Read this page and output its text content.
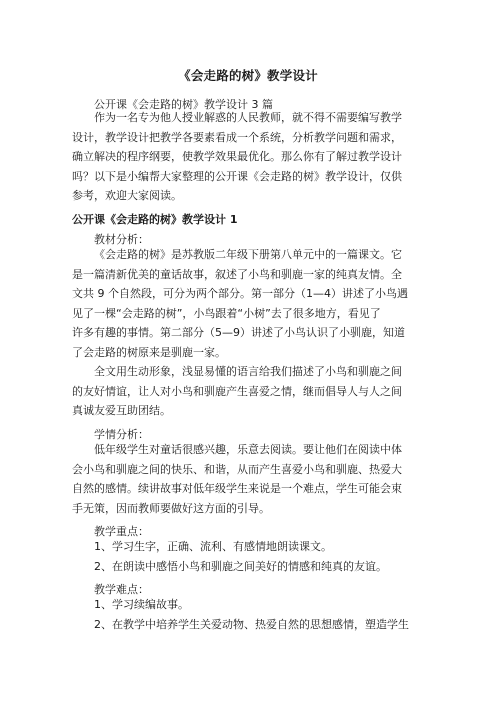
《会走路的树》教学设计
公开课《会走路的树》教学设计 3 篇
作为一名专为他人授业解惑的人民教师，就不得不需要编写教学
设计，教学设计把教学各要素看成一个系统，分析教学问题和需求，
确立解决的程序纲要，使教学效果最优化。那么你有了解过教学设计
吗？以下是小编帮大家整理的公开课《会走路的树》教学设计，仅供
参考，欢迎大家阅读。
公开课《会走路的树》教学设计 1
教材分析：
《会走路的树》是苏教版二年级下册第八单元中的一篇课文。它
是一篇清新优美的童话故事，叙述了小鸟和驯鹿一家的纯真友情。全
文共 9 个自然段，可分为两个部分。第一部分（1—4）讲述了小鸟遇
见了一棵“会走路的树”，小鸟跟着“小树”去了很多地方，看见了
许多有趣的事情。第二部分（5—9）讲述了小鸟认识了小驯鹿，知道
了会走路的树原来是驯鹿一家。
全文用生动形象，浅显易懂的语言给我们描述了小鸟和驯鹿之间
的友好情谊，让人对小鸟和驯鹿产生喜爱之情，继而倡导人与人之间
真诚友爱互助团结。
学情分析：
低年级学生对童话很感兴趣，乐意去阅读。要让他们在阅读中体
会小鸟和驯鹿之间的快乐、和谐，从而产生喜爱小鸟和驯鹿、热爱大
自然的感情。续讲故事对低年级学生来说是一个难点，学生可能会束
手无策，因而教师要做好这方面的引导。
教学重点：
1、学习生字，正确、流利、有感情地朗读课文。
2、在朗读中感悟小鸟和驯鹿之间美好的情感和纯真的友谊。
教学难点：
1、学习续编故事。
2、在教学中培养学生关爱动物、热爱自然的思想感情，塑造学生
